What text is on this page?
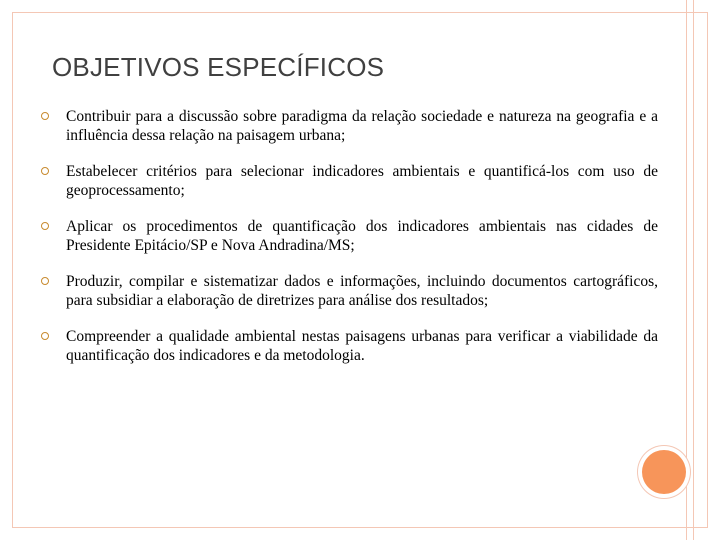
OBJETIVOS ESPECÍFICOS
Contribuir para a discussão sobre paradigma da relação sociedade e natureza na geografia e a influência dessa relação na paisagem urbana;
Estabelecer critérios para selecionar indicadores ambientais e quantificá-los com uso de geoprocessamento;
Aplicar os procedimentos de quantificação dos indicadores ambientais nas cidades de Presidente Epitácio/SP e Nova Andradina/MS;
Produzir, compilar e sistematizar dados e informações, incluindo documentos cartográficos, para subsidiar a elaboração de diretrizes para análise dos resultados;
Compreender a qualidade ambiental nestas paisagens urbanas para verificar a viabilidade da quantificação dos indicadores e da metodologia.
